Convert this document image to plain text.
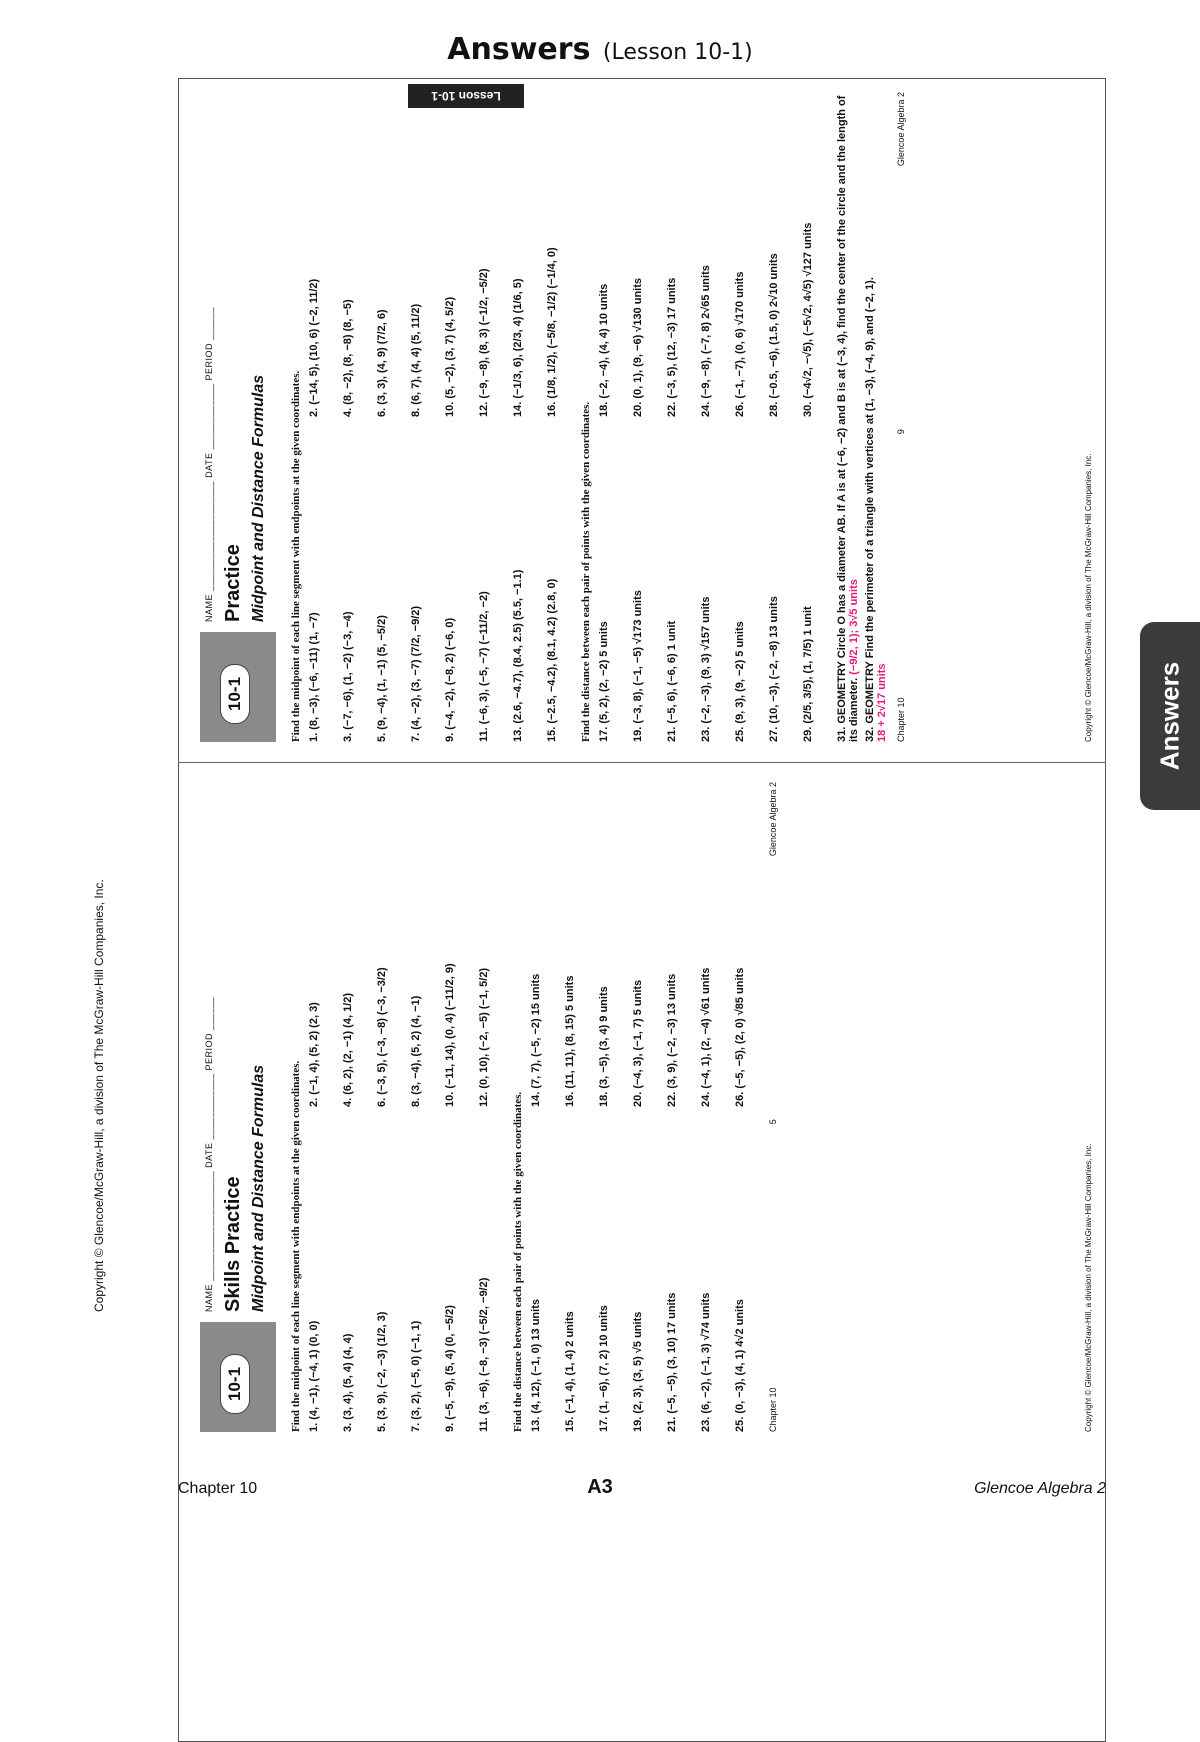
Answers (Lesson 10-1)
Lesson 10-1
Answers
Copyright © Glencoe/McGraw-Hill, a division of The McGraw-Hill Companies, Inc.
10-1
NAME ____________________ DATE ____________ PERIOD ______ Practice Midpoint and Distance Formulas Find the midpoint of each line segment with endpoints at the given coordinates. 1. (8, −3), (−6, −11) (1, −7)
2. (−14, 5), (10, 6) (−2, 11/2)
3. (−7, −6), (1, −2) (−3, −4)
4. (8, −2), (8, −8) (8, −5)
5. (9, −4), (1, −1) (5, −5/2)
6. (3, 3), (4, 9) (7/2, 6)
7. (4, −2), (3, −7) (7/2, −9/2)
8. (6, 7), (4, 4) (5, 11/2)
9. (−4, −2), (−8, 2) (−6, 0)
10. (5, −2), (3, 7) (4, 5/2)
11. (−6, 3), (−5, −7) (−11/2, −2)
12. (−9, −8), (8, 3) (−1/2, −5/2)
13. (2.6, −4.7), (8.4, 2.5) (5.5, −1.1)
14. (−1/3, 6), (2/3, 4) (1/6, 5)
15. (−2.5, −4.2), (8.1, 4.2) (2.8, 0)
16. (1/8, 1/2), (−5/8, −1/2) (−1/4, 0)
Find the distance between each pair of points with the given coordinates. 17. (5, 2), (2, −2) 5 units
18. (−2, −4), (4, 4) 10 units
19. (−3, 8), (−1, −5) √173 units
20. (0, 1), (9, −6) √130 units
21. (−5, 6), (−6, 6) 1 unit
22. (−3, 5), (12, −3) 17 units
23. (−2, −3), (9, 3) √157 units
24. (−9, −8), (−7, 8) 2√65 units
25. (9, 3), (9, −2) 5 units
26. (−1, −7), (0, 6) √170 units
27. (10, −3), (−2, −8) 13 units
28. (−0.5, −6), (1.5, 0) 2√10 units
29. (2/5, 3/5), (1, 7/5) 1 unit
30. (−4√2, −√5), (−5√2, 4√5) √127 units 31. GEOMETRY Circle O has a diameter AB. If A is at (−6, −2) and B is at (−3, 4), find the center of the circle and the length of its diameter. (−9/2, 1); 3√5 units 32. GEOMETRY Find the perimeter of a triangle with vertices at (1, −3), (−4, 9), and (−2, 1). 18 + 2√17 units Chapter 10
9
Glencoe Algebra 2
Copyright © Glencoe/McGraw-Hill, a division of The McGraw-Hill Companies, Inc.
10-1
NAME ____________________ DATE ____________ PERIOD ______ Skills Practice Midpoint and Distance Formulas Find the midpoint of each line segment with endpoints at the given coordinates. 1. (4, −1), (−4, 1) (0, 0)
2. (−1, 4), (5, 2) (2, 3)
3. (3, 4), (5, 4) (4, 4)
4. (6, 2), (2, −1) (4, 1/2)
5. (3, 9), (−2, −3) (1/2, 3)
6. (−3, 5), (−3, −8) (−3, −3/2)
7. (3, 2), (−5, 0) (−1, 1)
8. (3, −4), (5, 2) (4, −1)
9. (−5, −9), (5, 4) (0, −5/2)
10. (−11, 14), (0, 4) (−11/2, 9)
11. (3, −6), (−8, −3) (−5/2, −9/2)
12. (0, 10), (−2, −5) (−1, 5/2)
Find the distance between each pair of points with the given coordinates. 13. (4, 12), (−1, 0) 13 units
14. (7, 7), (−5, −2) 15 units
15. (−1, 4), (1, 4) 2 units
16. (11, 11), (8, 15) 5 units
17. (1, −6), (7, 2) 10 units
18. (3, −5), (3, 4) 9 units
19. (2, 3), (3, 5) √5 units
20. (−4, 3), (−1, 7) 5 units
21. (−5, −5), (3, 10) 17 units
22. (3, 9), (−2, −3) 13 units
23. (6, −2), (−1, 3) √74 units
24. (−4, 1), (2, −4) √61 units
25. (0, −3), (4, 1) 4√2 units
26. (−5, −5), (2, 0) √85 units
Chapter 10
5
Glencoe Algebra 2
Copyright © Glencoe/McGraw-Hill, a division of The McGraw-Hill Companies, Inc.
Chapter 10	A3	Glencoe Algebra 2
